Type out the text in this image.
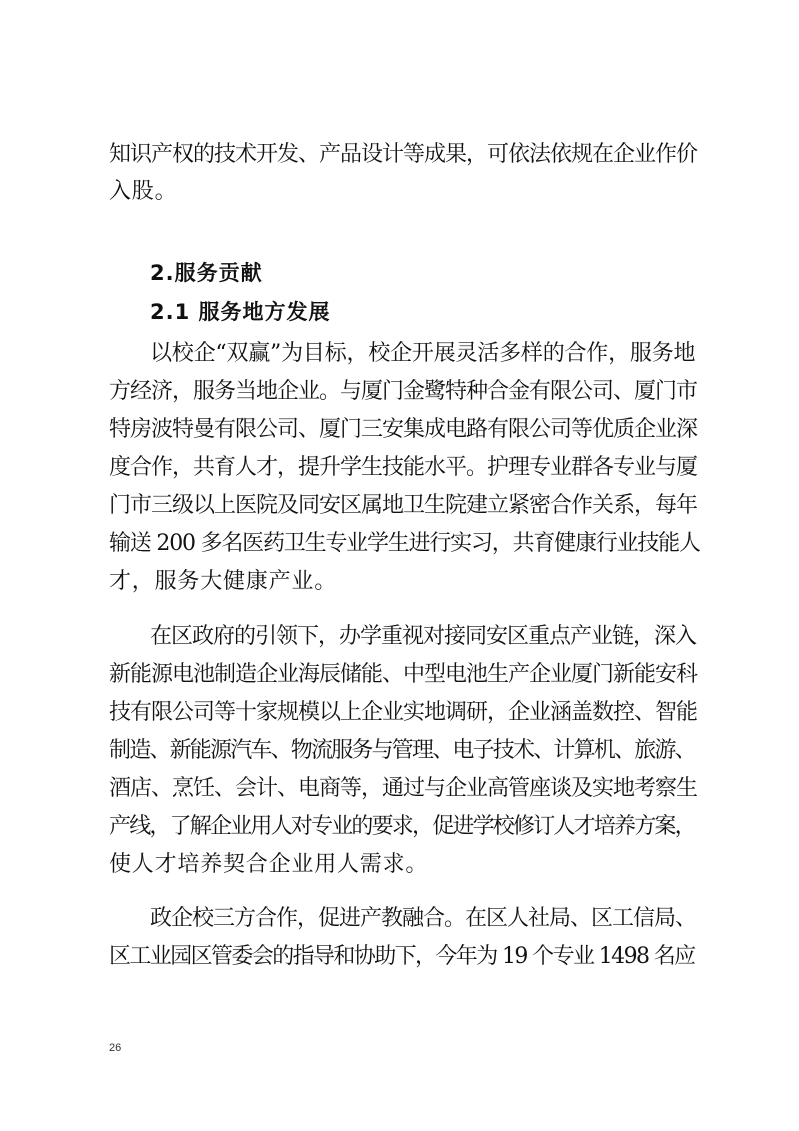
知识产权的技术开发、产品设计等成果，可依法依规在企业作价
入股。
2.服务贡献
2.1 服务地方发展
以校企“双赢”为目标，校企开展灵活多样的合作，服务地
方经济，服务当地企业。与厦门金鹭特种合金有限公司、厦门市
特房波特曼有限公司、厦门三安集成电路有限公司等优质企业深
度合作，共育人才，提升学生技能水平。护理专业群各专业与厦
门市三级以上医院及同安区属地卫生院建立紧密合作关系，每年
输送 200 多名医药卫生专业学生进行实习，共育健康行业技能人
才，服务大健康产业。
在区政府的引领下，办学重视对接同安区重点产业链，深入
新能源电池制造企业海辰储能、中型电池生产企业厦门新能安科
技有限公司等十家规模以上企业实地调研，企业涵盖数控、智能
制造、新能源汽车、物流服务与管理、电子技术、计算机、旅游、
酒店、烹饪、会计、电商等，通过与企业高管座谈及实地考察生
产线，了解企业用人对专业的要求，促进学校修订人才培养方案，
使人才培养契合企业用人需求。
政企校三方合作，促进产教融合。在区人社局、区工信局、
区工业园区管委会的指导和协助下，今年为 19 个专业 1498 名应
26
